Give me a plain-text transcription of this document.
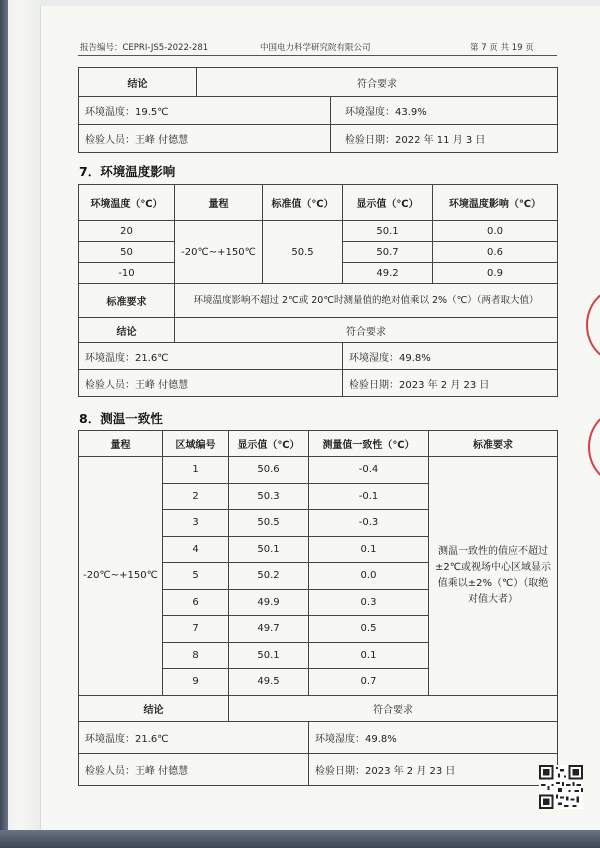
报告编号：CEPRI-JS5-2022-281	中国电力科学研究院有限公司	第 7 页 共 19 页
结论	符合要求	
环境温度：19.5℃		环境湿度：43.9%
检验人员：王峰 付德慧		检验日期：2022 年 11 月 3 日
7．环境温度影响
环境温度（℃）	量程	标准值（℃）	显示值（℃）	环境温度影响（℃）
20	-20℃~+150℃	50.5	50.1	0.0
50			50.7	0.6
-10			49.2	0.9
标准要求	环境温度影响不超过 2℃或 20℃时测量值的绝对值乘以 2%（℃）（两者取大值）			
结论	符合要求			
环境温度：21.6℃			环境湿度：49.8%	
检验人员：王峰 付德慧			检验日期：2023 年 2 月 23 日	
8．测温一致性
量程	区域编号	显示值（℃）	测量值一致性（℃）	标准要求
-20℃~+150℃	1	50.6	-0.4	测温一致性的值应不超过±2℃或视场中心区域显示值乘以±2%（℃）（取绝对值大者）
	2	50.3	-0.1	
	3	50.5	-0.3	
	4	50.1	0.1	
	5	50.2	0.0	
	6	49.9	0.3	
	7	49.7	0.5	
	8	50.1	0.1	
	9	49.5	0.7	
结论		符合要求		
环境温度：21.6℃			环境湿度：49.8%	
检验人员：王峰 付德慧			检验日期：2023 年 2 月 23 日	
